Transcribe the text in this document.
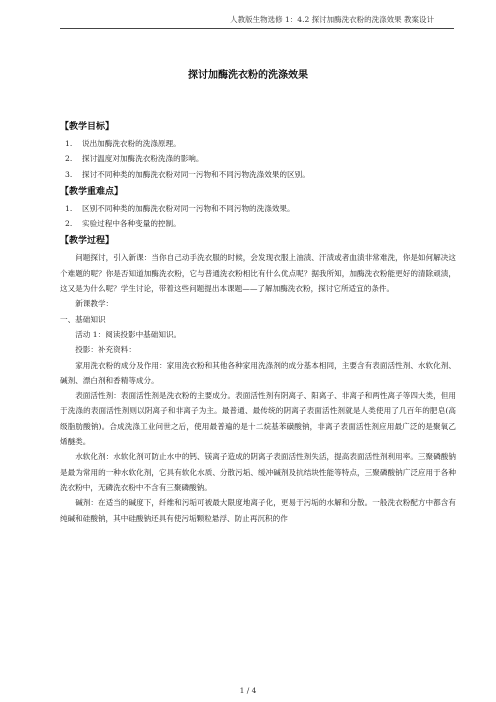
人教版生物选修 1：4.2 探讨加酶洗衣粉的洗涤效果 教案设计
探讨加酶洗衣粉的洗涤效果
【教学目标】
1. 说出加酶洗衣粉的洗涤原理。
2. 探讨温度对加酶洗衣粉洗涤的影响。
3. 探讨不同种类的加酶洗衣粉对同一污物和不同污物洗涤效果的区别。
【教学重难点】
1. 区别不同种类的加酶洗衣粉对同一污物和不同污物的洗涤效果。
2. 实验过程中各种变量的控制。
【教学过程】
问题探讨，引入新课：当你自己动手洗衣服的时候，会发现衣服上油渍、汗渍或者血渍非常难洗，你是如何解决这个难题的呢？你是否知道加酶洗衣粉，它与普通洗衣粉相比有什么优点呢？据我所知，加酶洗衣粉能更好的清除顽渍，这又是为什么呢？学生讨论，带着这些问题提出本课题——了解加酶洗衣粉，探讨它所适宜的条件。
新课教学：
一、基础知识
活动 1：阅读投影中基础知识。
投影：补充资料：
家用洗衣粉的成分及作用：家用洗衣粉和其他各种家用洗涤剂的成分基本相同，主要含有表面活性剂、水软化剂、碱剂、漂白剂和香精等成分。
表面活性剂：表面活性剂是洗衣粉的主要成分。表面活性剂有阴离子、阳离子、非离子和两性离子等四大类，但用于洗涤的表面活性剂则以阴离子和非离子为主。最普通、最传统的阴离子表面活性剂就是人类使用了几百年的肥皂(高级脂肪酸钠)。合成洗涤工业问世之后，使用最普遍的是十二烷基苯磺酸钠，非离子表面活性剂应用最广泛的是聚氧乙烯醚类。
水软化剂：水软化剂可防止水中的钙、镁离子造成的阴离子表面活性剂失活，提高表面活性剂利用率。三聚磷酸钠是最为常用的一种水软化剂，它具有软化水质、分散污垢、缓冲碱剂及抗结块性能等特点，三聚磷酸钠广泛应用于各种洗衣粉中，无磷洗衣粉中不含有三聚磷酸钠。
碱剂：在适当的碱度下，纤维和污垢可被最大限度地离子化，更易于污垢的水解和分散。一般洗衣粉配方中都含有纯碱和硅酸钠，其中硅酸钠还具有使污垢颗粒悬浮、防止再沉积的作
1 / 4
